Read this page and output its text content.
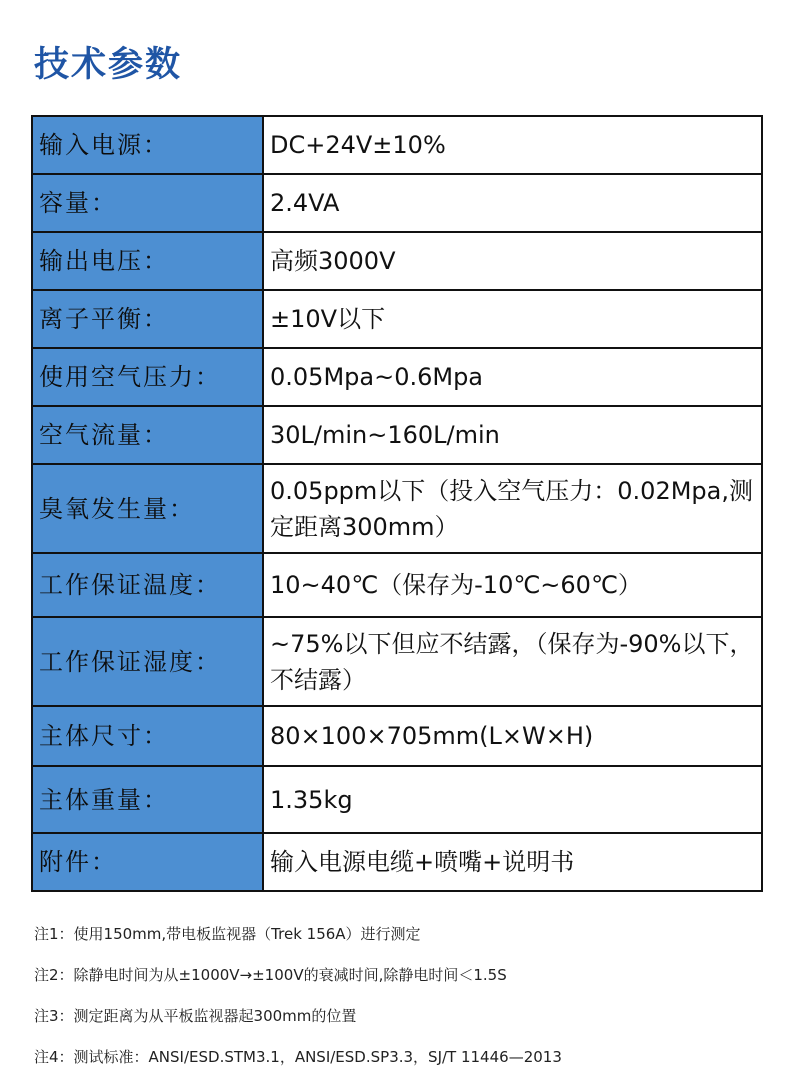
技术参数
输入电源：	DC+24V±10%
容量：	2.4VA
输出电压：	高频3000V
离子平衡：	±10V以下
使用空气压力：	0.05Mpa~0.6Mpa
空气流量：	30L/min~160L/min
臭氧发生量：	0.05ppm以下（投入空气压力：0.02Mpa,测定距离300mm）
工作保证温度：	10~40℃（保存为-10℃~60℃）
工作保证湿度：	~75%以下但应不结露，（保存为-90%以下，不结露）
主体尺寸：	80×100×705mm(L×W×H)
主体重量：	1.35kg
附件：	输入电源电缆+喷嘴+说明书
注1：使用150mm,带电板监视器（Trek 156A）进行测定
注2：除静电时间为从±1000V→±100V的衰减时间,除静电时间＜1.5S
注3：测定距离为从平板监视器起300mm的位置
注4：测试标准：ANSI/ESD.STM3.1，ANSI/ESD.SP3.3，SJ/T 11446—2013
